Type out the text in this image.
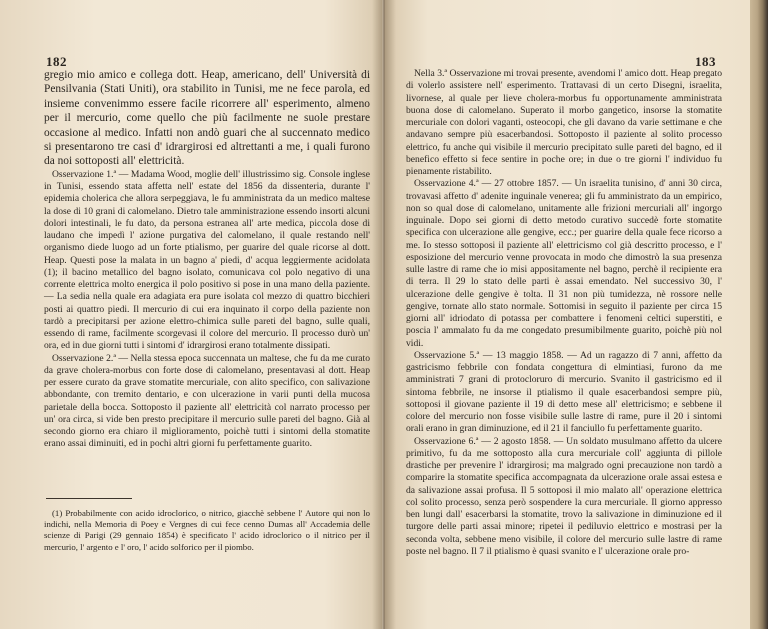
182

gregio mio amico e collega dott. Heap, americano, dell' Università di Pensilvania (Stati Uniti), ora stabilito in Tunisi, me ne fece parola, ed insieme convenimmo essere facile ricorrere all' esperimento, almeno per il mercurio, come quello che più facilmente ne suole prestare occasione al medico. Infatti non andò guari che al succennato medico si presentarono tre casi d' idrargirosi ed altrettanti a me, i quali furono da noi sottoposti all' elettricità.

Osservazione 1.ª — Madama Wood, moglie dell' illustrissimo sig. Console inglese in Tunisi, essendo stata affetta nell' estate del 1856 da dissenteria, durante l' epidemia cholerica che allora serpeggiava, le fu amministrata da un medico maltese la dose di 10 grani di calomelano. Dietro tale amministrazione essendo insorti alcuni dolori intestinali, le fu dato, da persona estranea all' arte medica, piccola dose di laudano che impedì l' azione purgativa del calomelano, il quale restando nell' organismo diede luogo ad un forte ptialismo, per guarire del quale ricorse al dott. Heap. Questi pose la malata in un bagno a' piedi, d' acqua leggiermente acidolata (1); il bacino metallico del bagno isolato, comunicava col polo negativo di una corrente elettrica molto energica il polo positivo si pose in una mano della paziente. — La sedia nella quale era adagiata era pure isolata col mezzo di quattro bicchieri posti ai quattro piedi. Il mercurio di cui era inquinato il corpo della paziente non tardò a precipitarsi per azione elettro-chimica sulle pareti del bagno, sulle quali, essendo di rame, facilmente scorgevasi il colore del mercurio. Il processo durò un' ora, ed in due giorni tutti i sintomi d' idrargirosi erano totalmente dissipati.

Osservazione 2.ª — Nella stessa epoca succennata un maltese, che fu da me curato da grave cholera-morbus con forte dose di calomelano, presentavasi al dott. Heap per essere curato da grave stomatite mercuriale, con alito specifico, con salivazione abbondante, con tremito dentario, e con ulcerazione in varii punti della mucosa parietale della bocca. Sottoposto il paziente all' elettricità col narrato processo per un' ora circa, si vide ben presto precipitare il mercurio sulle pareti del bagno. Già al secondo giorno era chiaro il miglioramento, poichè tutti i sintomi della stomatite erano assai diminuiti, ed in pochi altri giorni fu perfettamente guarito.

(1) Probabilmente con acido idroclorico, o nitrico, giacchè sebbene l' Autore qui non lo indichi, nella Memoria di Poey e Vergnes di cui fece cenno Dumas all' Accademia delle scienze di Parigi (29 gennaio 1854) è specificato l' acido idroclorico o il nitrico per il mercurio, l' argento e l' oro, l' acido solforico per il piombo.

183

Nella 3.ª Osservazione mi trovai presente, avendomi l' amico dott. Heap pregato di volerlo assistere nell' esperimento. Trattavasi di un certo Disegni, israelita, livornese, al quale per lieve cholera-morbus fu opportunamente amministrata buona dose di calomelano. Superato il morbo gangetico, insorse la stomatite mercuriale con dolori vaganti, osteocopi, che gli davano da varie settimane e che andavano sempre più esacerbandosi. Sottoposto il paziente al solito processo elettrico, fu anche qui visibile il mercurio precipitato sulle pareti del bagno, ed il benefico effetto si fece sentire in poche ore; in due o tre giorni l' individuo fu pienamente ristabilito.

Osservazione 4.ª — 27 ottobre 1857. — Un israelita tunisino, d' anni 30 circa, trovavasi affetto d' adenite inguinale venerea; gli fu amministrato da un empirico, non so qual dose di calomelano, unitamente alle frizioni mercuriali all' ingorgo inguinale. Dopo sei giorni di detto metodo curativo succedè forte stomatite specifica con ulcerazione alle gengive, ecc.; per guarire della quale fece ricorso a me. Io stesso sottoposi il paziente all' elettricismo col già descritto processo, e l' esposizione del mercurio venne provocata in modo che dimostrò la sua presenza sulle lastre di rame che io misi appositamente nel bagno, perchè il recipiente era di terra. Il 29 lo stato delle parti è assai emendato. Nel successivo 30, l' ulcerazione delle gengive è tolta. Il 31 non più tumidezza, nè rossore nelle gengive, tornate allo stato normale. Sottomisi in seguito il paziente per circa 15 giorni all' idriodato di potassa per combattere i fenomeni celtici superstiti, e poscia l' ammalato fu da me congedato presumibilmente guarito, poichè più nol vidi.

Osservazione 5.ª — 13 maggio 1858. — Ad un ragazzo di 7 anni, affetto da gastricismo febbrile con fondata congettura di elmintiasi, furono da me amministrati 7 grani di protocloruro di mercurio. Svanito il gastricismo ed il sintoma febbrile, ne insorse il ptialismo il quale esacerbandosi sempre più, sottoposi il giovane paziente il 19 di detto mese all' elettricismo; e sebbene il colore del mercurio non fosse visibile sulle lastre di rame, pure il 20 i sintomi orali erano in gran diminuzione, ed il 21 il fanciullo fu perfettamente guarito.

Osservazione 6.ª — 2 agosto 1858. — Un soldato musulmano affetto da ulcere primitivo, fu da me sottoposto alla cura mercuriale coll' aggiunta di pillole drastiche per prevenire l' idrargirosi; ma malgrado ogni precauzione non tardò a comparire la stomatite specifica accompagnata da ulcerazione orale assai estesa e da salivazione assai profusa. Il 5 sottoposi il mio malato all' operazione elettrica col solito processo, senza però sospendere la cura mercuriale. Il giorno appresso ben lungi dall' esacerbarsi la stomatite, trovo la salivazione in diminuzione ed il turgore delle parti assai minore; ripetei il pediluvio elettrico e mostrasi per la seconda volta, sebbene meno visibile, il colore del mercurio sulle lastre di rame poste nel bagno. Il 7 il ptialismo è quasi svanito e l' ulcerazione orale pro-
